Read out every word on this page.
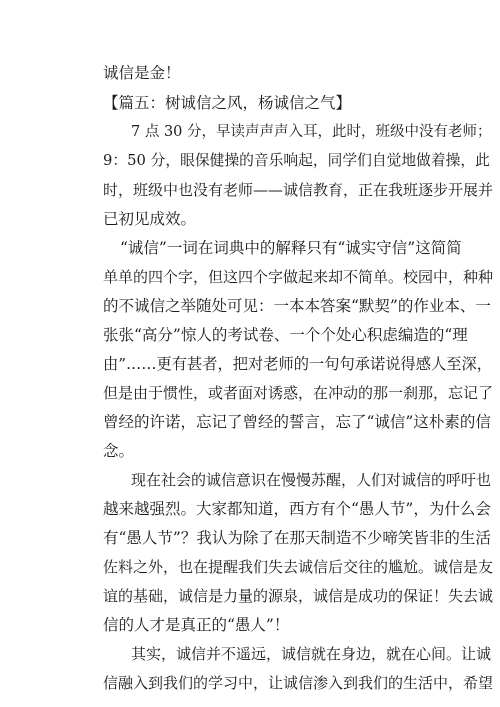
诚信是金！
【篇五：树诚信之风，杨诚信之气】
7 点 30 分，早读声声声入耳，此时，班级中没有老师；
9：50 分，眼保健操的音乐响起，同学们自觉地做着操，此
时，班级中也没有老师——诚信教育，正在我班逐步开展并
已初见成效。
“诚信”一词在词典中的解释只有“诚实守信”这简简
单单的四个字，但这四个字做起来却不简单。校园中，种种
的不诚信之举随处可见：一本本答案“默契”的作业本、一
张张“高分”惊人的考试卷、一个个处心积虑编造的“理
由”……更有甚者，把对老师的一句句承诺说得感人至深，
但是由于惯性，或者面对诱惑，在冲动的那一刹那，忘记了
曾经的许诺，忘记了曾经的誓言，忘了“诚信”这朴素的信
念。
现在社会的诚信意识在慢慢苏醒，人们对诚信的呼吁也
越来越强烈。大家都知道，西方有个“愚人节”，为什么会
有“愚人节”？我认为除了在那天制造不少啼笑皆非的生活
佐料之外，也在提醒我们失去诚信后交往的尴尬。诚信是友
谊的基础，诚信是力量的源泉，诚信是成功的保证！失去诚
信的人才是真正的“愚人”！
其实，诚信并不遥远，诚信就在身边，就在心间。让诚
信融入到我们的学习中，让诚信渗入到我们的生活中，希望
